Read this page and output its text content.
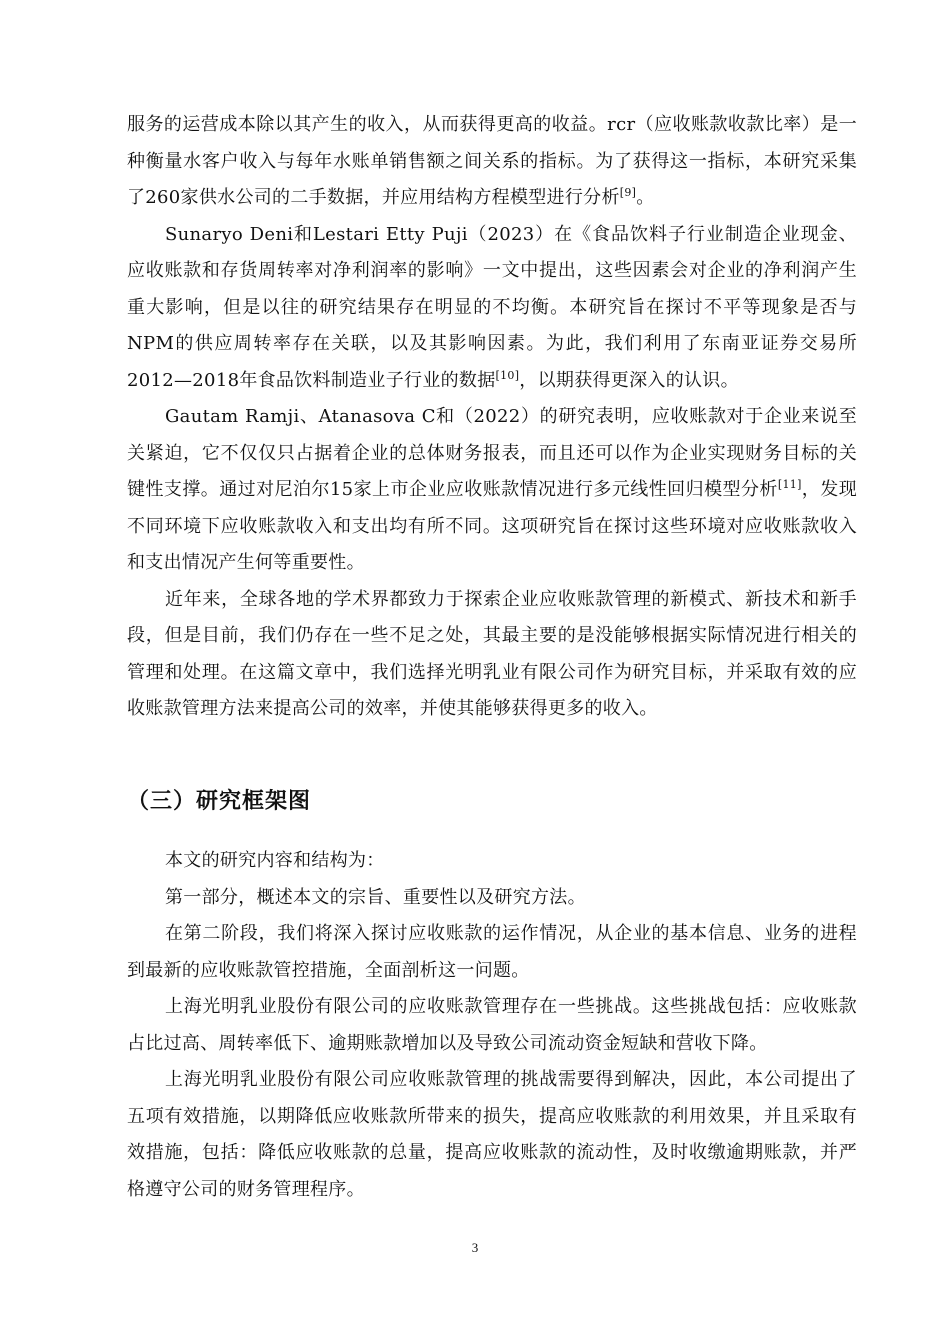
服务的运营成本除以其产生的收入，从而获得更高的收益。rcr（应收账款收款比率）是一种衡量水客户收入与每年水账单销售额之间关系的指标。为了获得这一指标，本研究采集了260家供水公司的二手数据，并应用结构方程模型进行分析[9]。

Sunaryo Deni和Lestari Etty Puji（2023）在《食品饮料子行业制造企业现金、应收账款和存货周转率对净利润率的影响》一文中提出，这些因素会对企业的净利润产生重大影响，但是以往的研究结果存在明显的不均衡。本研究旨在探讨不平等现象是否与NPM的供应周转率存在关联，以及其影响因素。为此，我们利用了东南亚证券交易所2012—2018年食品饮料制造业子行业的数据[10]，以期获得更深入的认识。

Gautam Ramji、Atanasova C和（2022）的研究表明，应收账款对于企业来说至关紧迫，它不仅仅只占据着企业的总体财务报表，而且还可以作为企业实现财务目标的关键性支撑。通过对尼泊尔15家上市企业应收账款情况进行多元线性回归模型分析[11]，发现不同环境下应收账款收入和支出均有所不同。这项研究旨在探讨这些环境对应收账款收入和支出情况产生何等重要性。

近年来，全球各地的学术界都致力于探索企业应收账款管理的新模式、新技术和新手段，但是目前，我们仍存在一些不足之处，其最主要的是没能够根据实际情况进行相关的管理和处理。在这篇文章中，我们选择光明乳业有限公司作为研究目标，并采取有效的应收账款管理方法来提高公司的效率，并使其能够获得更多的收入。

（三）研究框架图

本文的研究内容和结构为：

第一部分，概述本文的宗旨、重要性以及研究方法。

在第二阶段，我们将深入探讨应收账款的运作情况，从企业的基本信息、业务的进程到最新的应收账款管控措施，全面剖析这一问题。

上海光明乳业股份有限公司的应收账款管理存在一些挑战。这些挑战包括：应收账款占比过高、周转率低下、逾期账款增加以及导致公司流动资金短缺和营收下降。

上海光明乳业股份有限公司应收账款管理的挑战需要得到解决，因此，本公司提出了五项有效措施，以期降低应收账款所带来的损失，提高应收账款的利用效果，并且采取有效措施，包括：降低应收账款的总量，提高应收账款的流动性，及时收缴逾期账款，并严格遵守公司的财务管理程序。

3
